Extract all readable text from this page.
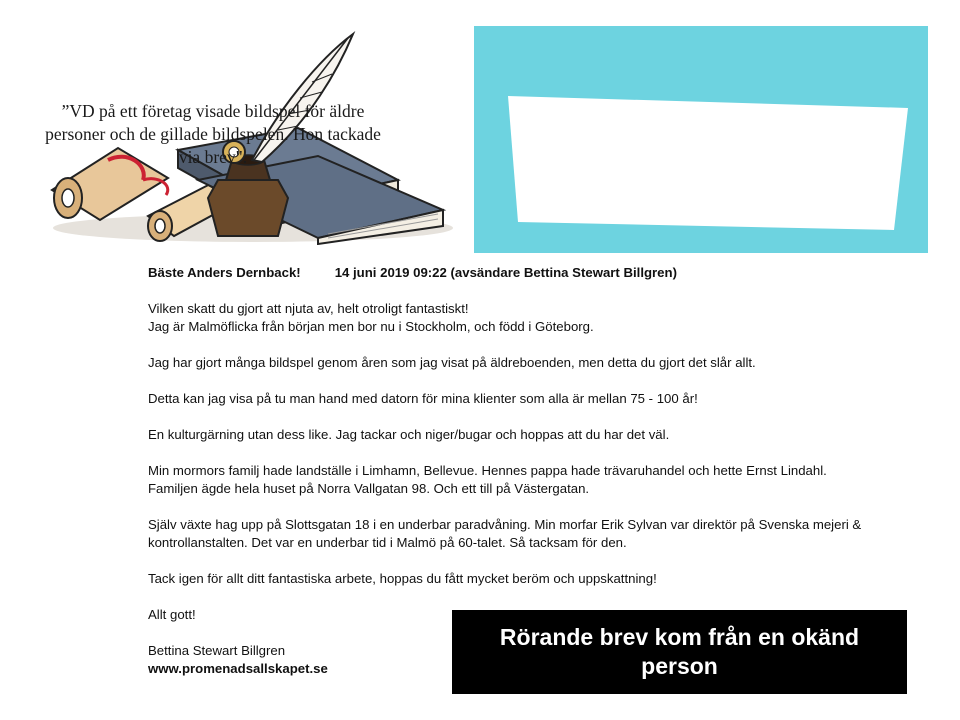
”VD på ett företag visade bildspel för äldre personer och de gillade bildspelen. Hon tackade via brev".
Bäste Anders Dernback!	14 juni 2019 09:22 (avsändare Bettina Stewart Billgren)
Vilken skatt du gjort att njuta av, helt otroligt fantastiskt!
Jag är Malmöflicka från början men bor nu i Stockholm, och född i Göteborg.
Jag har gjort många bildspel genom åren som jag visat på äldreboenden, men detta du gjort det slår allt.
Detta kan jag visa på tu man hand med datorn för mina klienter som alla är mellan 75 - 100 år!
En kulturgärning utan dess like. Jag tackar och niger/bugar och hoppas att du har det väl.
Min mormors familj hade landställe i Limhamn, Bellevue. Hennes pappa hade trävaruhandel och hette Ernst Lindahl.
Familjen ägde hela huset på Norra Vallgatan 98. Och ett till på Västergatan.
Själv växte hag upp på Slottsgatan 18 i en underbar paradvåning. Min morfar Erik Sylvan var direktör på Svenska mejeri &
kontrollanstalten. Det var en underbar tid i Malmö på 60-talet. Så tacksam för den.
Tack igen för allt ditt fantastiska arbete, hoppas du fått mycket beröm och uppskattning!
Allt gott!
Bettina Stewart Billgren
www.promenadsallskapet.se
Rörande brev kom från en okänd person
